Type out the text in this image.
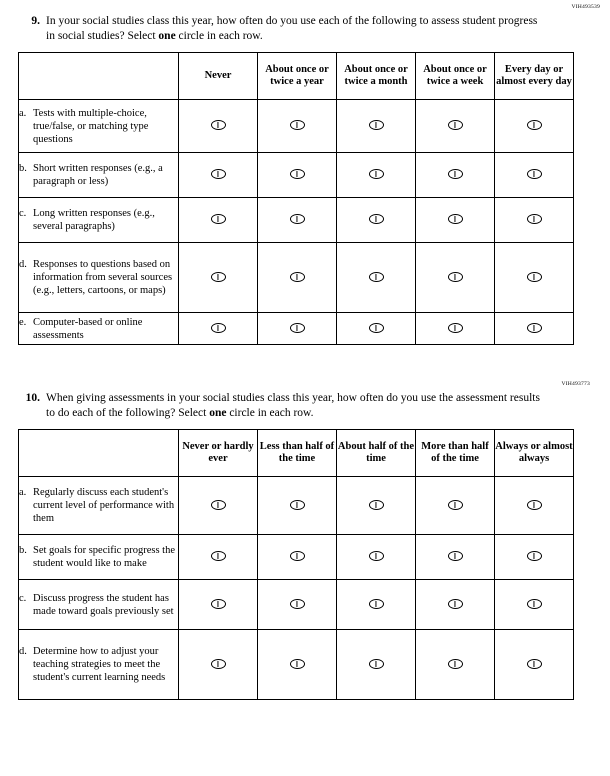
VIH493539
9. In your social studies class this year, how often do you use each of the following to assess student progress in social studies? Select one circle in each row.
	Never	About once or twice a year	About once or twice a month	About once or twice a week	Every day or almost every day

a. Tests with multiple-choice, true/false, or matching type questions

b. Short written responses (e.g., a paragraph or less)

c. Long written responses (e.g., several paragraphs)

d. Responses to questions based on information from several sources (e.g., letters, cartoons, or maps)

e. Computer-based or online assessments

VIH493773
10. When giving assessments in your social studies class this year, how often do you use the assessment results to do each of the following? Select one circle in each row.
	Never or hardly ever	Less than half of the time	About half of the time	More than half of the time	Always or almost always

a. Regularly discuss each student's current level of performance with them

b. Set goals for specific progress the student would like to make

c. Discuss progress the student has made toward goals previously set

d. Determine how to adjust your teaching strategies to meet the student's current learning needs
